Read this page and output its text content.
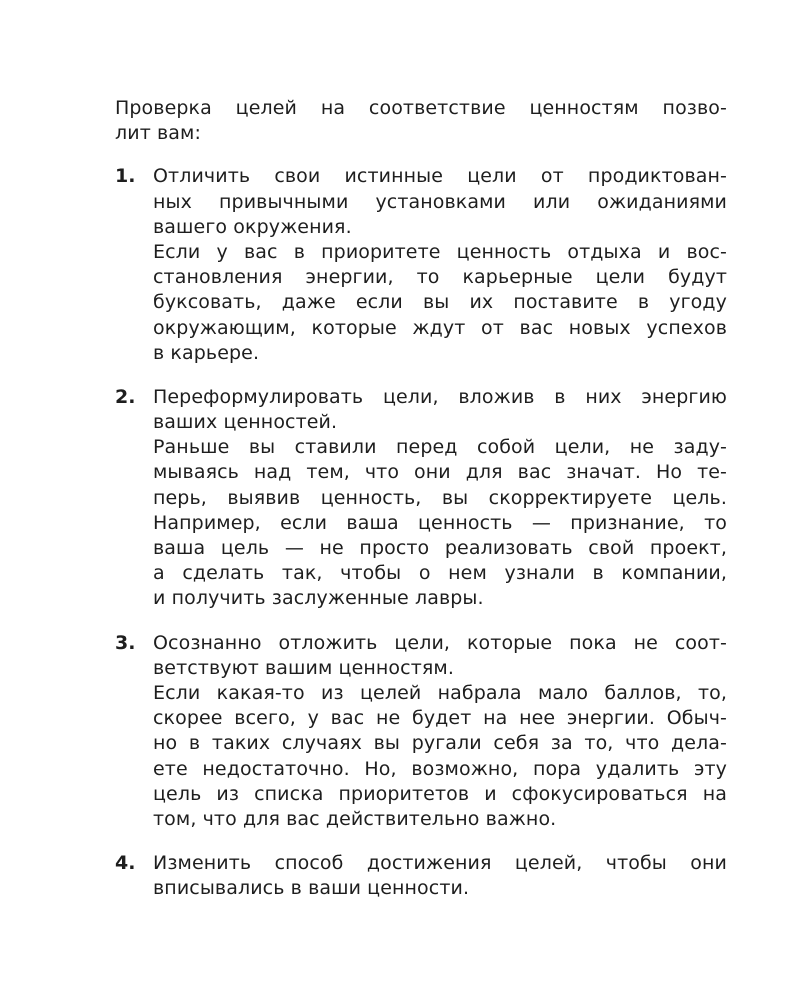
Проверка целей на соответствие ценностям позво-
лит вам:
1. Отличить свои истинные цели от продиктован-
ных привычными установками или ожиданиями
вашего окружения.
Если у вас в приоритете ценность отдыха и вос-
становления энергии, то карьерные цели будут
буксовать, даже если вы их поставите в угоду
окружающим, которые ждут от вас новых успехов
в карьере.
2. Переформулировать цели, вложив в них энергию
ваших ценностей.
Раньше вы ставили перед собой цели, не заду-
мываясь над тем, что они для вас значат. Но те-
перь, выявив ценность, вы скорректируете цель.
Например, если ваша ценность — признание, то
ваша цель — не просто реализовать свой проект,
а сделать так, чтобы о нем узнали в компании,
и получить заслуженные лавры.
3. Осознанно отложить цели, которые пока не соот-
ветствуют вашим ценностям.
Если какая-то из целей набрала мало баллов, то,
скорее всего, у вас не будет на нее энергии. Обыч-
но в таких случаях вы ругали себя за то, что дела-
ете недостаточно. Но, возможно, пора удалить эту
цель из списка приоритетов и сфокусироваться на
том, что для вас действительно важно.
4. Изменить способ достижения целей, чтобы они
вписывались в ваши ценности.
